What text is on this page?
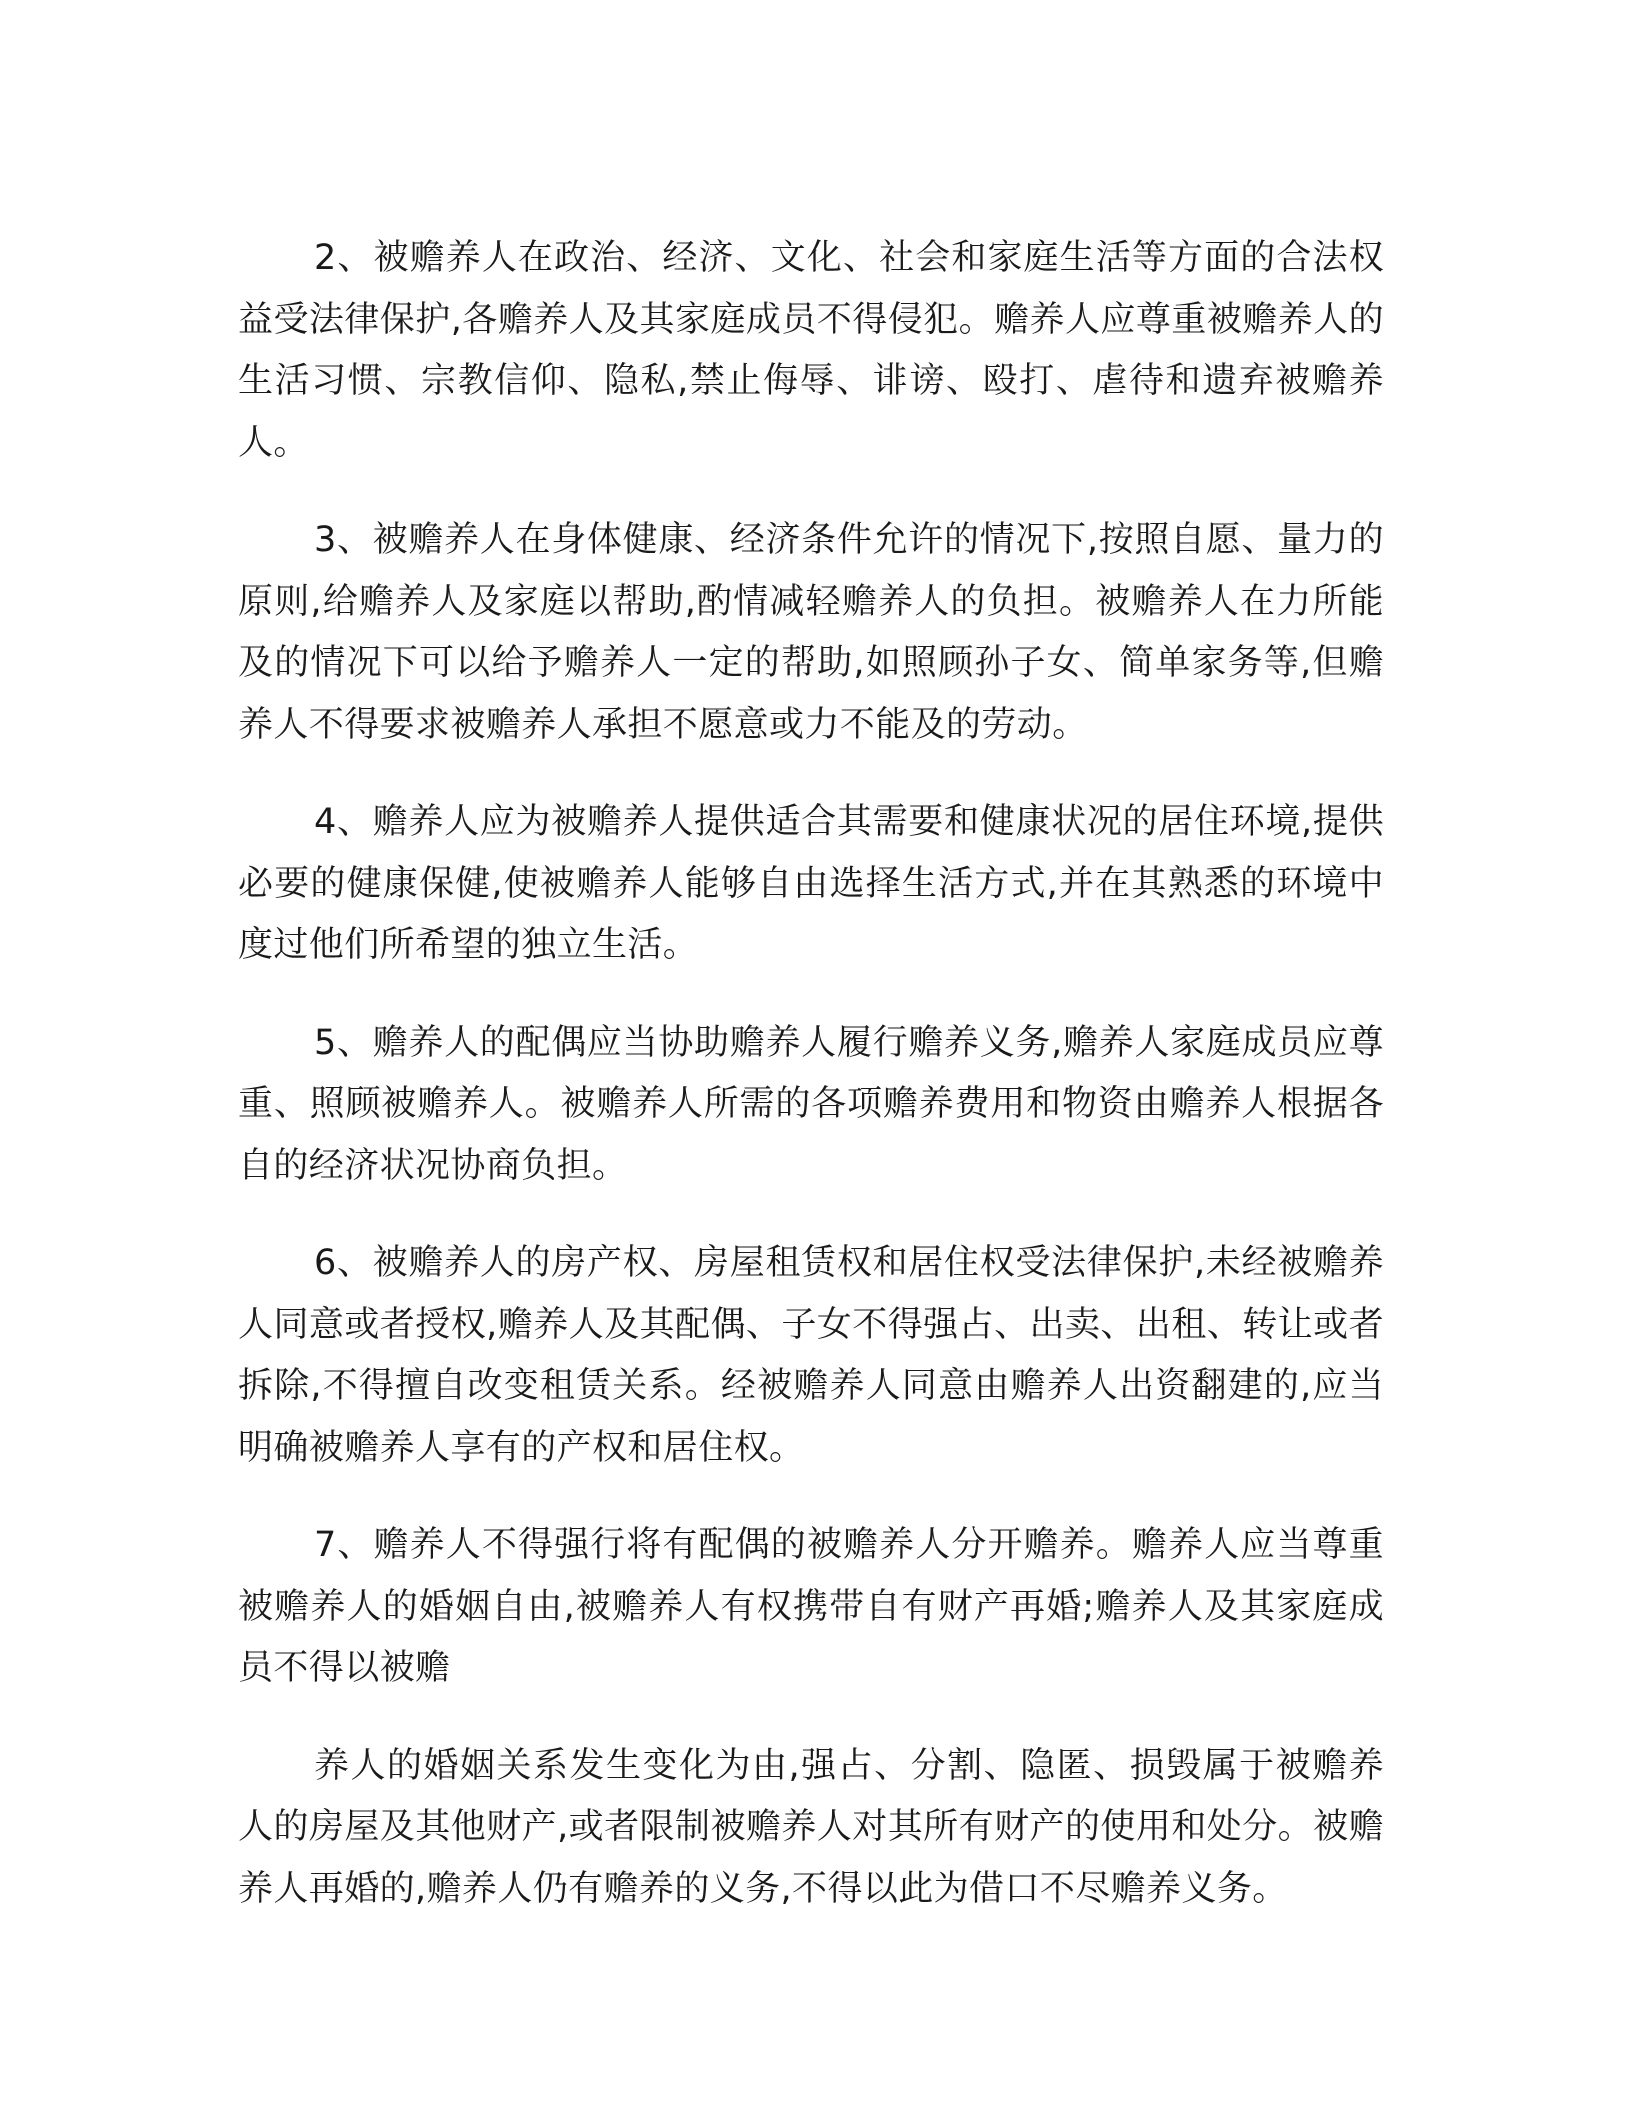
2、被赡养人在政治、经济、文化、社会和家庭生活等方面的合法权益受法律保护,各赡养人及其家庭成员不得侵犯。赡养人应尊重被赡养人的生活习惯、宗教信仰、隐私,禁止侮辱、诽谤、殴打、虐待和遗弃被赡养人。

3、被赡养人在身体健康、经济条件允许的情况下,按照自愿、量力的原则,给赡养人及家庭以帮助,酌情减轻赡养人的负担。被赡养人在力所能及的情况下可以给予赡养人一定的帮助,如照顾孙子女、简单家务等,但赡养人不得要求被赡养人承担不愿意或力不能及的劳动。

4、赡养人应为被赡养人提供适合其需要和健康状况的居住环境,提供必要的健康保健,使被赡养人能够自由选择生活方式,并在其熟悉的环境中度过他们所希望的独立生活。

5、赡养人的配偶应当协助赡养人履行赡养义务,赡养人家庭成员应尊重、照顾被赡养人。被赡养人所需的各项赡养费用和物资由赡养人根据各自的经济状况协商负担。

6、被赡养人的房产权、房屋租赁权和居住权受法律保护,未经被赡养人同意或者授权,赡养人及其配偶、子女不得强占、出卖、出租、转让或者拆除,不得擅自改变租赁关系。经被赡养人同意由赡养人出资翻建的,应当明确被赡养人享有的产权和居住权。

7、赡养人不得强行将有配偶的被赡养人分开赡养。赡养人应当尊重被赡养人的婚姻自由,被赡养人有权携带自有财产再婚;赡养人及其家庭成员不得以被赡

养人的婚姻关系发生变化为由,强占、分割、隐匿、损毁属于被赡养人的房屋及其他财产,或者限制被赡养人对其所有财产的使用和处分。被赡养人再婚的,赡养人仍有赡养的义务,不得以此为借口不尽赡养义务。
